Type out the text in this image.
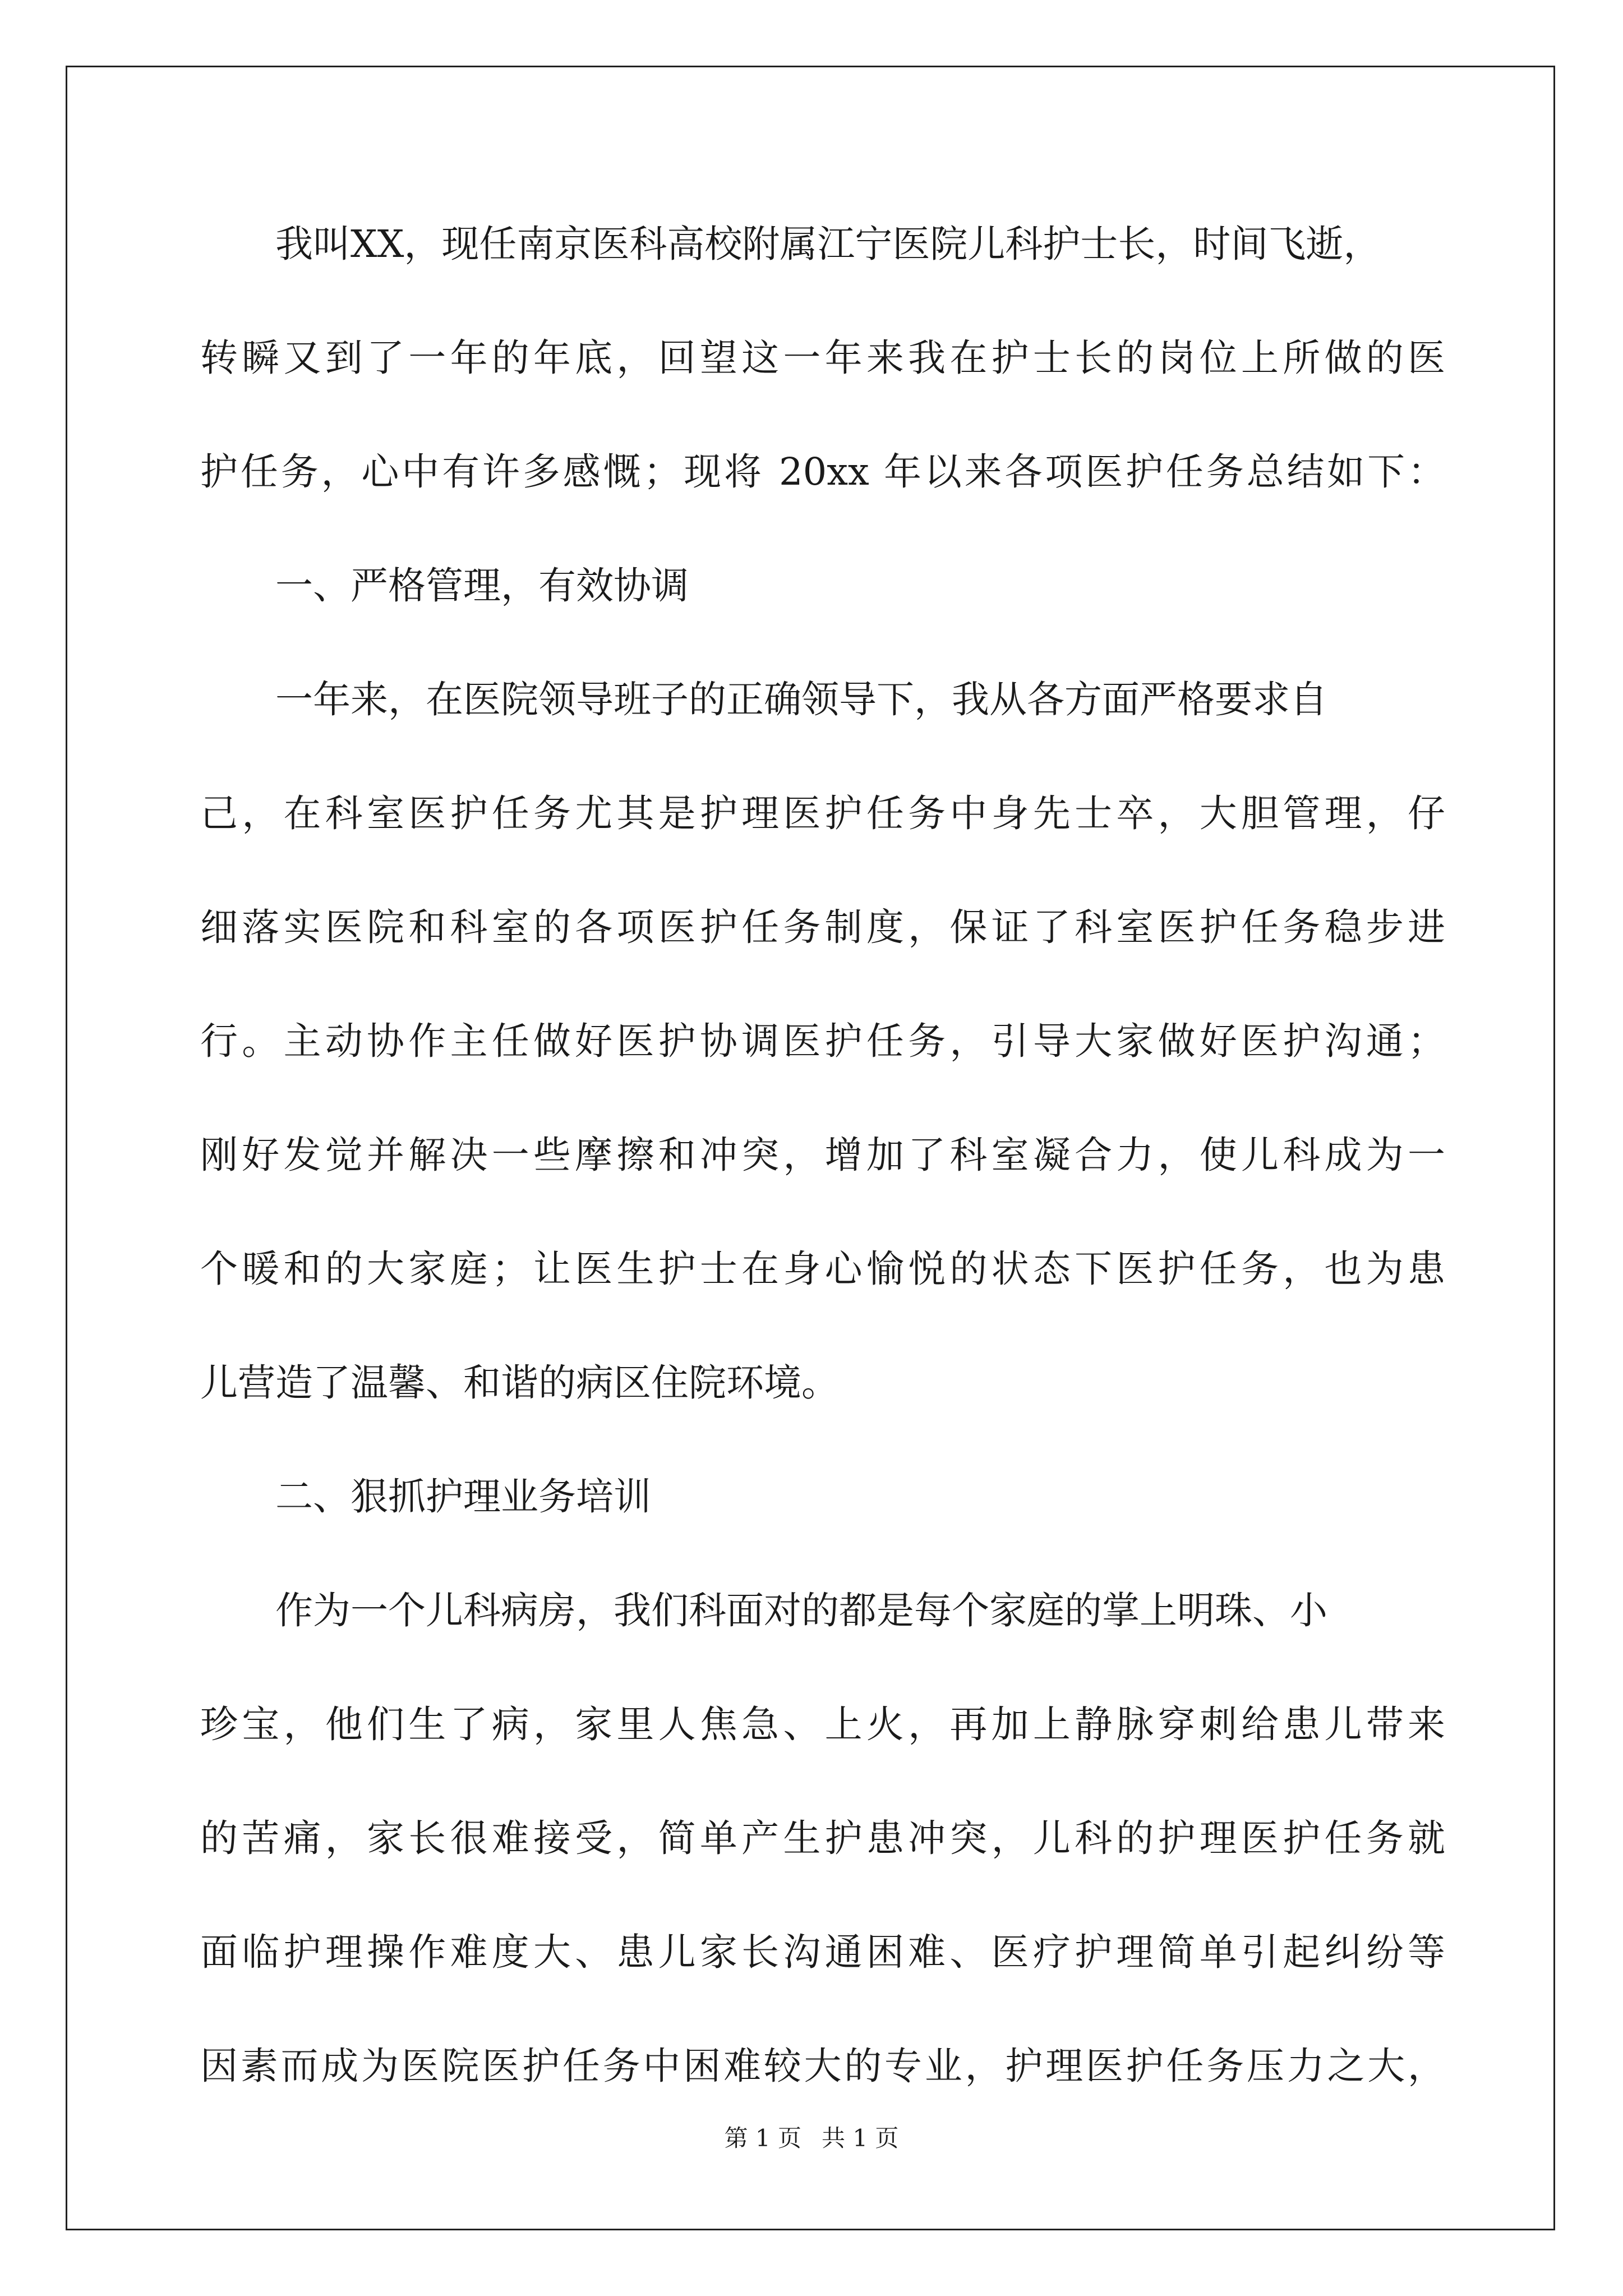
我叫XX，现任南京医科高校附属江宁医院儿科护士长，时间飞逝，
转瞬又到了一年的年底，回望这一年来我在护士长的岗位上所做的医
护任务，心中有许多感慨；现将 20xx 年以来各项医护任务总结如下：
一、严格管理，有效协调
一年来，在医院领导班子的正确领导下，我从各方面严格要求自
己，在科室医护任务尤其是护理医护任务中身先士卒，大胆管理，仔
细落实医院和科室的各项医护任务制度，保证了科室医护任务稳步进
行。主动协作主任做好医护协调医护任务，引导大家做好医护沟通；
刚好发觉并解决一些摩擦和冲突，增加了科室凝合力，使儿科成为一
个暖和的大家庭；让医生护士在身心愉悦的状态下医护任务，也为患
儿营造了温馨、和谐的病区住院环境。
二、狠抓护理业务培训
作为一个儿科病房，我们科面对的都是每个家庭的掌上明珠、小
珍宝，他们生了病，家里人焦急、上火，再加上静脉穿刺给患儿带来
的苦痛，家长很难接受，简单产生护患冲突，儿科的护理医护任务就
面临护理操作难度大、患儿家长沟通困难、医疗护理简单引起纠纷等
因素而成为医院医护任务中困难较大的专业，护理医护任务压力之大，
第 1 页 共 1 页
